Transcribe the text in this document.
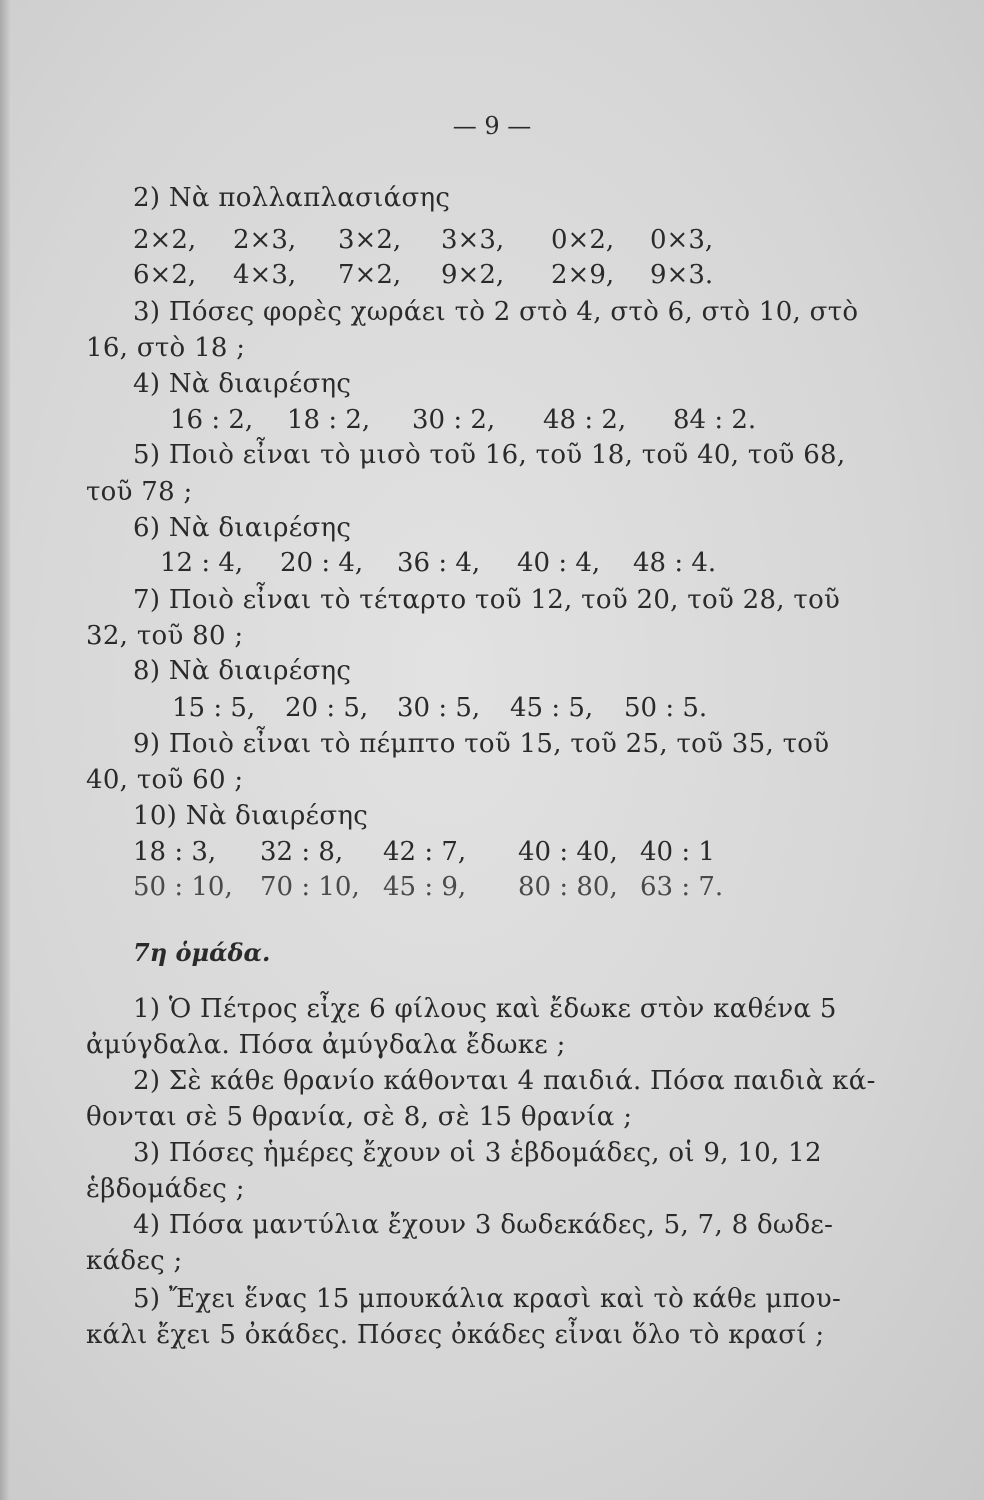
— 9 —
2) Νὰ πολλαπλασιάσης
2×2, 2×3, 3×2, 3×3, 0×2, 0×3,
6×2, 4×3, 7×2, 9×2, 2×9, 9×3.
3) Πόσες φορὲς χωράει τὸ 2 στὸ 4, στὸ 6, στὸ 10, στὸ
16, στὸ 18 ;
4) Νὰ διαιρέσης
16 : 2, 18 : 2, 30 : 2, 48 : 2, 84 : 2.
5) Ποιὸ εἶναι τὸ μισὸ τοῦ 16, τοῦ 18, τοῦ 40, τοῦ 68,
τοῦ 78 ;
6) Νὰ διαιρέσης
12 : 4, 20 : 4, 36 : 4, 40 : 4, 48 : 4.
7) Ποιὸ εἶναι τὸ τέταρτο τοῦ 12, τοῦ 20, τοῦ 28, τοῦ
32, τοῦ 80 ;
8) Νὰ διαιρέσης
15 : 5, 20 : 5, 30 : 5, 45 : 5, 50 : 5.
9) Ποιὸ εἶναι τὸ πέμπτο τοῦ 15, τοῦ 25, τοῦ 35, τοῦ
40, τοῦ 60 ;
10) Νὰ διαιρέσης
18 : 3, 32 : 8, 42 : 7, 40 : 40, 40 : 1
50 : 10, 70 : 10, 45 : 9, 80 : 80, 63 : 7.
7η ὁμάδα.
1) Ὁ Πέτρος εἶχε 6 φίλους καὶ ἔδωκε στὸν καθένα 5
ἀμύγδαλα. Πόσα ἀμύγδαλα ἔδωκε ;
2) Σὲ κάθε θρανίο κάθονται 4 παιδιά. Πόσα παιδιὰ κά-
θονται σὲ 5 θρανία, σὲ 8, σὲ 15 θρανία ;
3) Πόσες ἡμέρες ἔχουν οἱ 3 ἑβδομάδες, οἱ 9, 10, 12
ἑβδομάδες ;
4) Πόσα μαντύλια ἔχουν 3 δωδεκάδες, 5, 7, 8 δωδε-
κάδες ;
5) Ἔχει ἕνας 15 μπουκάλια κρασὶ καὶ τὸ κάθε μπου-
κάλι ἔχει 5 ὀκάδες. Πόσες ὀκάδες εἶναι ὅλο τὸ κρασί ;
